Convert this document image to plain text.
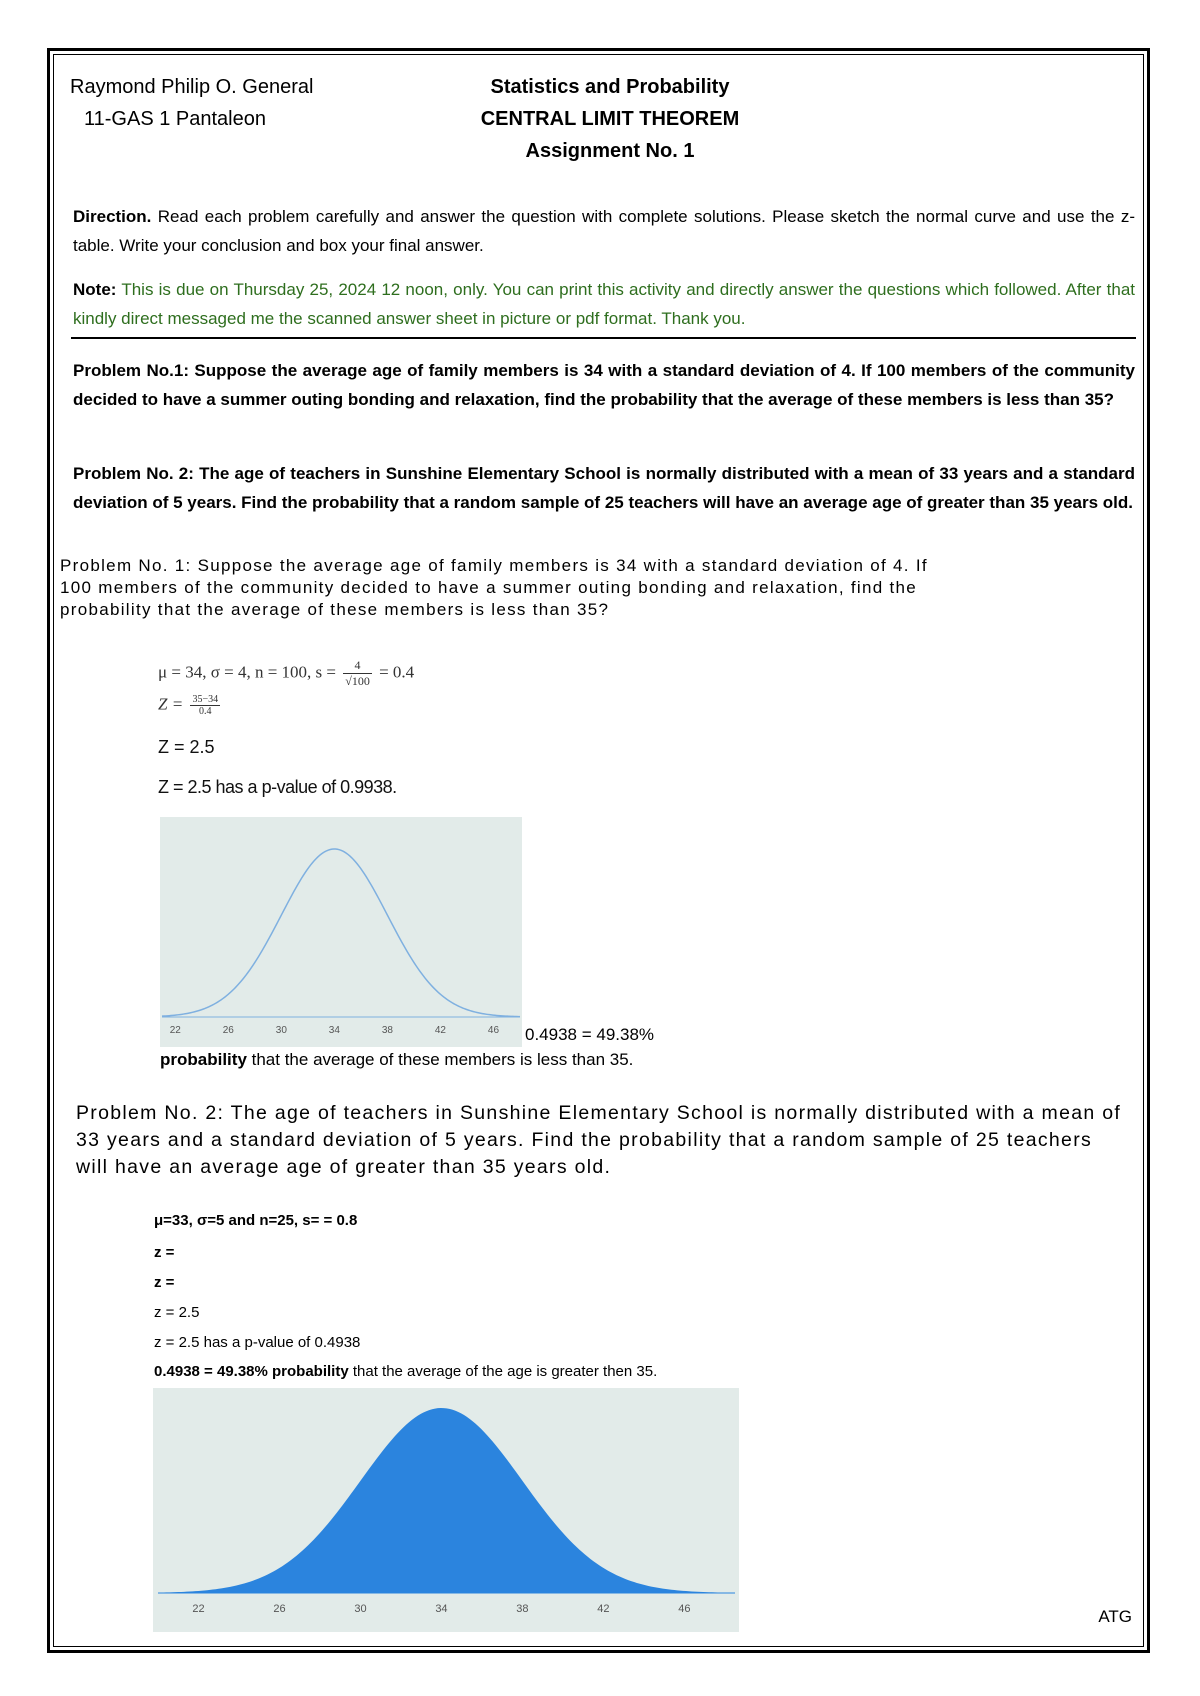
Raymond Philip O. General
11-GAS 1 Pantaleon
Statistics and Probability
CENTRAL LIMIT THEOREM
Assignment No. 1
Direction. Read each problem carefully and answer the question with complete solutions. Please sketch the normal curve and use the z-table. Write your conclusion and box your final answer.
Note: This is due on Thursday 25, 2024 12 noon, only. You can print this activity and directly answer the questions which followed. After that kindly direct messaged me the scanned answer sheet in picture or pdf format. Thank you.
Problem No.1: Suppose the average age of family members is 34 with a standard deviation of 4. If 100 members of the community decided to have a summer outing bonding and relaxation, find the probability that the average of these members is less than 35?
Problem No. 2: The age of teachers in Sunshine Elementary School is normally distributed with a mean of 33 years and a standard deviation of 5 years. Find the probability that a random sample of 25 teachers will have an average age of greater than 35 years old.
Problem No. 1: Suppose the average age of family members is 34 with a standard deviation of 4. If 100 members of the community decided to have a summer outing bonding and relaxation, find the probability that the average of these members is less than 35?
μ = 34, σ = 4, n = 100, $s = \frac{4}{√100} = 0.4$
$Z = \frac{35-34}{0.4}$
Z = 2.5
Z = 2.5 has a p-value of 0.9938.
22	26	30	34	38	42	46 0.4938 = 49.38%
probability that the average of these members is less than 35.
Problem No. 2: The age of teachers in Sunshine Elementary School is normally distributed with a mean of 33 years and a standard deviation of 5 years. Find the probability that a random sample of 25 teachers will have an average age of greater than 35 years old.
μ=33, σ=5 and n=25, s= = 0.8
z =
z =
z = 2.5
z = 2.5 has a p-value of 0.4938
0.4938 = 49.38% probability that the average of the age is greater then 35.
22	26	30	34	38	42	46	ATG
